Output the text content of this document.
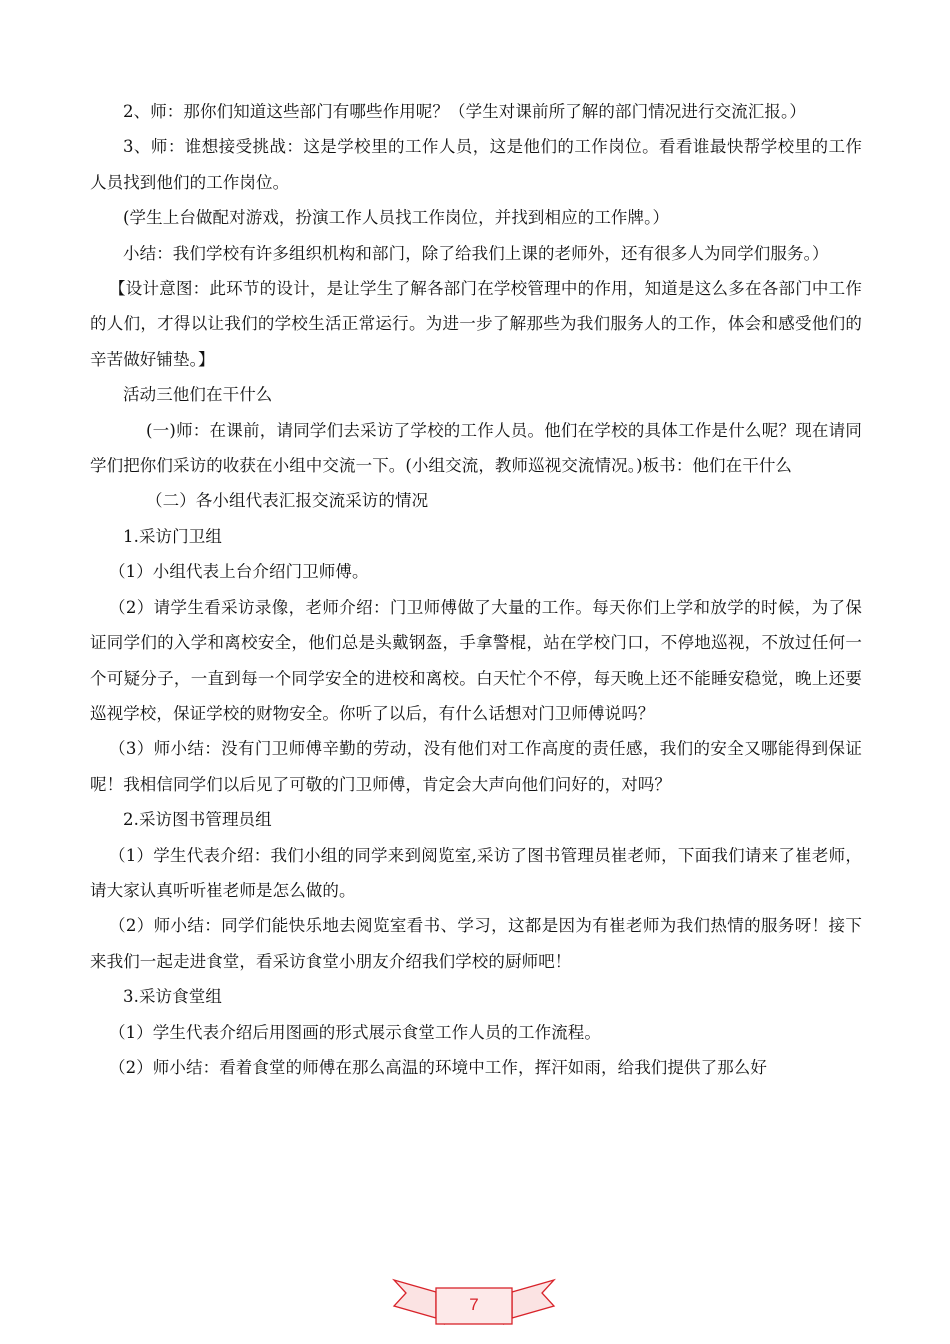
2、师：那你们知道这些部门有哪些作用呢？（学生对课前所了解的部门情况进行交流汇报。）

3、师：谁想接受挑战：这是学校里的工作人员，这是他们的工作岗位。看看谁最快帮学校里的工作人员找到他们的工作岗位。

(学生上台做配对游戏，扮演工作人员找工作岗位，并找到相应的工作牌。）

小结：我们学校有许多组织机构和部门，除了给我们上课的老师外，还有很多人为同学们服务。）

【设计意图：此环节的设计，是让学生了解各部门在学校管理中的作用，知道是这么多在各部门中工作的人们，才得以让我们的学校生活正常运行。为进一步了解那些为我们服务人的工作，体会和感受他们的辛苦做好铺垫。】

活动三他们在干什么

(一)师：在课前，请同学们去采访了学校的工作人员。他们在学校的具体工作是什么呢？现在请同学们把你们采访的收获在小组中交流一下。(小组交流，教师巡视交流情况。)板书：他们在干什么

（二）各小组代表汇报交流采访的情况

1.采访门卫组

（1）小组代表上台介绍门卫师傅。

（2）请学生看采访录像，老师介绍：门卫师傅做了大量的工作。每天你们上学和放学的时候，为了保证同学们的入学和离校安全，他们总是头戴钢盔，手拿警棍，站在学校门口，不停地巡视，不放过任何一个可疑分子，一直到每一个同学安全的进校和离校。白天忙个不停，每天晚上还不能睡安稳觉，晚上还要巡视学校，保证学校的财物安全。你听了以后，有什么话想对门卫师傅说吗？

（3）师小结：没有门卫师傅辛勤的劳动，没有他们对工作高度的责任感，我们的安全又哪能得到保证呢！我相信同学们以后见了可敬的门卫师傅，肯定会大声向他们问好的，对吗？

2.采访图书管理员组

（1）学生代表介绍：我们小组的同学来到阅览室,采访了图书管理员崔老师，下面我们请来了崔老师，请大家认真听听崔老师是怎么做的。

（2）师小结：同学们能快乐地去阅览室看书、学习，这都是因为有崔老师为我们热情的服务呀！接下来我们一起走进食堂，看采访食堂小朋友介绍我们学校的厨师吧！

3.采访食堂组

（1）学生代表介绍后用图画的形式展示食堂工作人员的工作流程。

（2）师小结：看着食堂的师傅在那么高温的环境中工作，挥汗如雨，给我们提供了那么好

7
